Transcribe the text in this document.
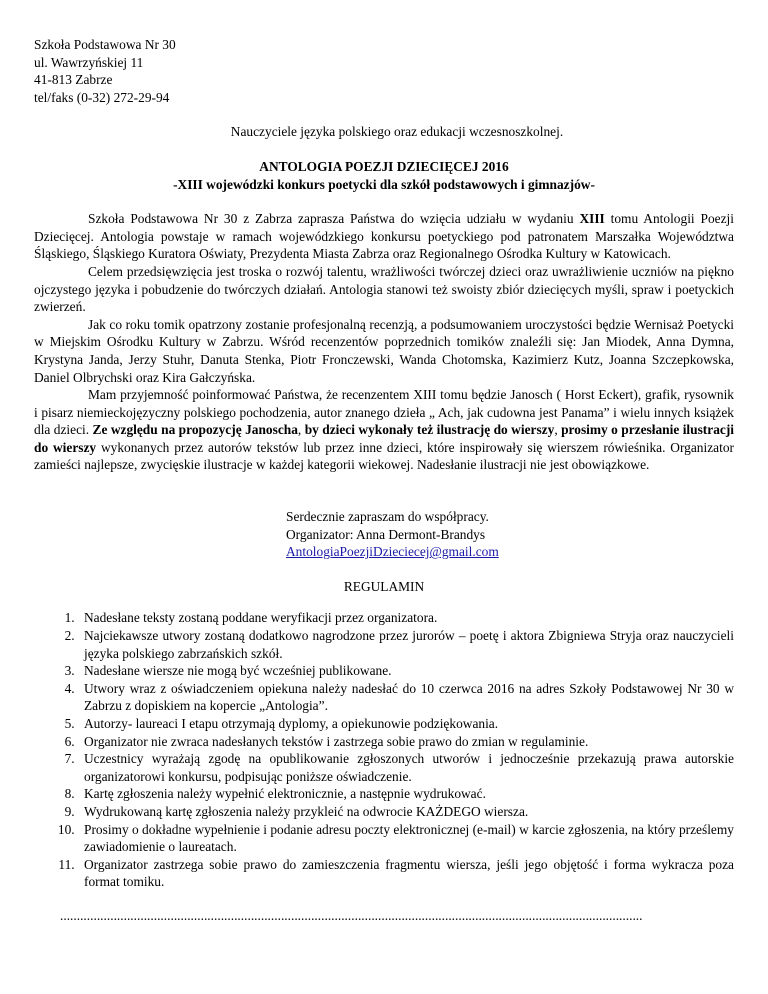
Szkoła Podstawowa Nr 30
ul. Wawrzyńskiej 11
41-813 Zabrze
tel/faks (0-32) 272-29-94
Nauczyciele języka polskiego oraz edukacji wczesnoszkolnej.
ANTOLOGIA POEZJI DZIECIĘCEJ 2016
-XIII wojewódzki konkurs poetycki dla szkół podstawowych i gimnazjów-

Szkoła Podstawowa Nr 30 z Zabrza zaprasza Państwa do wzięcia udziału w wydaniu XIII tomu Antologii Poezji Dziecięcej. Antologia powstaje w ramach wojewódzkiego konkursu poetyckiego pod patronatem Marszałka Województwa Śląskiego, Śląskiego Kuratora Oświaty, Prezydenta Miasta Zabrza oraz Regionalnego Ośrodka Kultury w Katowicach.

Celem przedsięwzięcia jest troska o rozwój talentu, wrażliwości twórczej dzieci oraz uwrażliwienie uczniów na piękno ojczystego języka i pobudzenie do twórczych działań. Antologia stanowi też swoisty zbiór dziecięcych myśli, spraw i poetyckich zwierzeń.

Jak co roku tomik opatrzony zostanie profesjonalną recenzją, a podsumowaniem uroczystości będzie Wernisaż Poetycki w Miejskim Ośrodku Kultury w Zabrzu. Wśród recenzentów poprzednich tomików znaleźli się: Jan Miodek, Anna Dymna, Krystyna Janda, Jerzy Stuhr, Danuta Stenka, Piotr Fronczewski, Wanda Chotomska, Kazimierz Kutz, Joanna Szczepkowska, Daniel Olbrychski oraz Kira Gałczyńska.

Mam przyjemność poinformować Państwa, że recenzentem XIII tomu będzie Janosch ( Horst Eckert), grafik, rysownik i pisarz niemieckojęzyczny polskiego pochodzenia, autor znanego dzieła „ Ach, jak cudowna jest Panama” i wielu innych książek dla dzieci. Ze względu na propozycję Janoscha, by dzieci wykonały też ilustrację do wierszy, prosimy o przesłanie ilustracji do wierszy wykonanych przez autorów tekstów lub przez inne dzieci, które inspirowały się wierszem rówieśnika. Organizator zamieści najlepsze, zwycięskie ilustracje w każdej kategorii wiekowej. Nadesłanie ilustracji nie jest obowiązkowe.

Serdecznie zapraszam do współpracy.
Organizator: Anna Dermont-Brandys
AntologiaPoezjiDzieciecej@gmail.com
REGULAMIN
1. Nadesłane teksty zostaną poddane weryfikacji przez organizatora.
2. Najciekawsze utwory zostaną dodatkowo nagrodzone przez jurorów – poetę i aktora Zbigniewa Stryja oraz nauczycieli języka polskiego zabrzańskich szkół.
3. Nadesłane wiersze nie mogą być wcześniej publikowane.
4. Utwory wraz z oświadczeniem opiekuna należy nadesłać do 10 czerwca 2016 na adres Szkoły Podstawowej Nr 30 w Zabrzu z dopiskiem na kopercie „Antologia”.
5. Autorzy- laureaci I etapu otrzymają dyplomy, a opiekunowie podziękowania.
6. Organizator nie zwraca nadesłanych tekstów i zastrzega sobie prawo do zmian w regulaminie.
7. Uczestnicy wyrażają zgodę na opublikowanie zgłoszonych utworów i jednocześnie przekazują prawa autorskie organizatorowi konkursu, podpisując poniższe oświadczenie.
8. Kartę zgłoszenia należy wypełnić elektronicznie, a następnie wydrukować.
9. Wydrukowaną kartę zgłoszenia należy przykleić na odwrocie KAŻDEGO wiersza.
10. Prosimy o dokładne wypełnienie i podanie adresu poczty elektronicznej (e-mail) w karcie zgłoszenia, na który prześlemy zawiadomienie o laureatach.
11. Organizator zastrzega sobie prawo do zamieszczenia fragmentu wiersza, jeśli jego objętość i forma wykracza poza format tomiku.
..............................................................................................................................................................................
